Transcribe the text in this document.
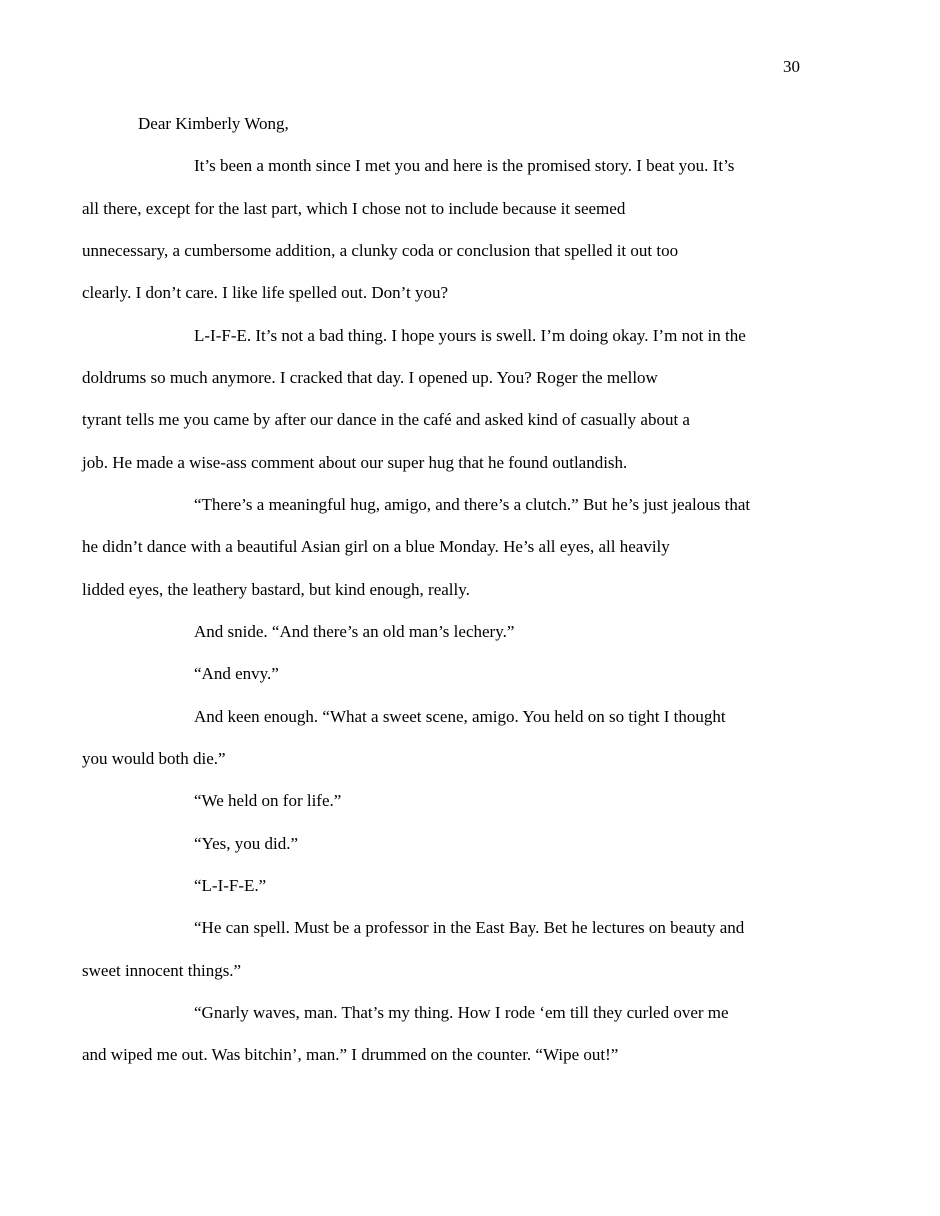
30

Dear Kimberly Wong,

It’s been a month since I met you and here is the promised story. I beat you. It’s
all there, except for the last part, which I chose not to include because it seemed
unnecessary, a cumbersome addition, a clunky coda or conclusion that spelled it out too
clearly. I don’t care. I like life spelled out. Don’t you?

L-I-F-E. It’s not a bad thing. I hope yours is swell. I’m doing okay. I’m not in the
doldrums so much anymore. I cracked that day. I opened up. You? Roger the mellow
tyrant tells me you came by after our dance in the café and asked kind of casually about a
job. He made a wise-ass comment about our super hug that he found outlandish.

“There’s a meaningful hug, amigo, and there’s a clutch.” But he’s just jealous that
he didn’t dance with a beautiful Asian girl on a blue Monday. He’s all eyes, all heavily
lidded eyes, the leathery bastard, but kind enough, really.

And snide. “And there’s an old man’s lechery.”

“And envy.”

And keen enough. “What a sweet scene, amigo. You held on so tight I thought
you would both die.”

“We held on for life.”

“Yes, you did.”

“L-I-F-E.”

“He can spell. Must be a professor in the East Bay. Bet he lectures on beauty and
sweet innocent things.”

“Gnarly waves, man. That’s my thing. How I rode ‘em till they curled over me
and wiped me out. Was bitchin’, man.” I drummed on the counter. “Wipe out!”
